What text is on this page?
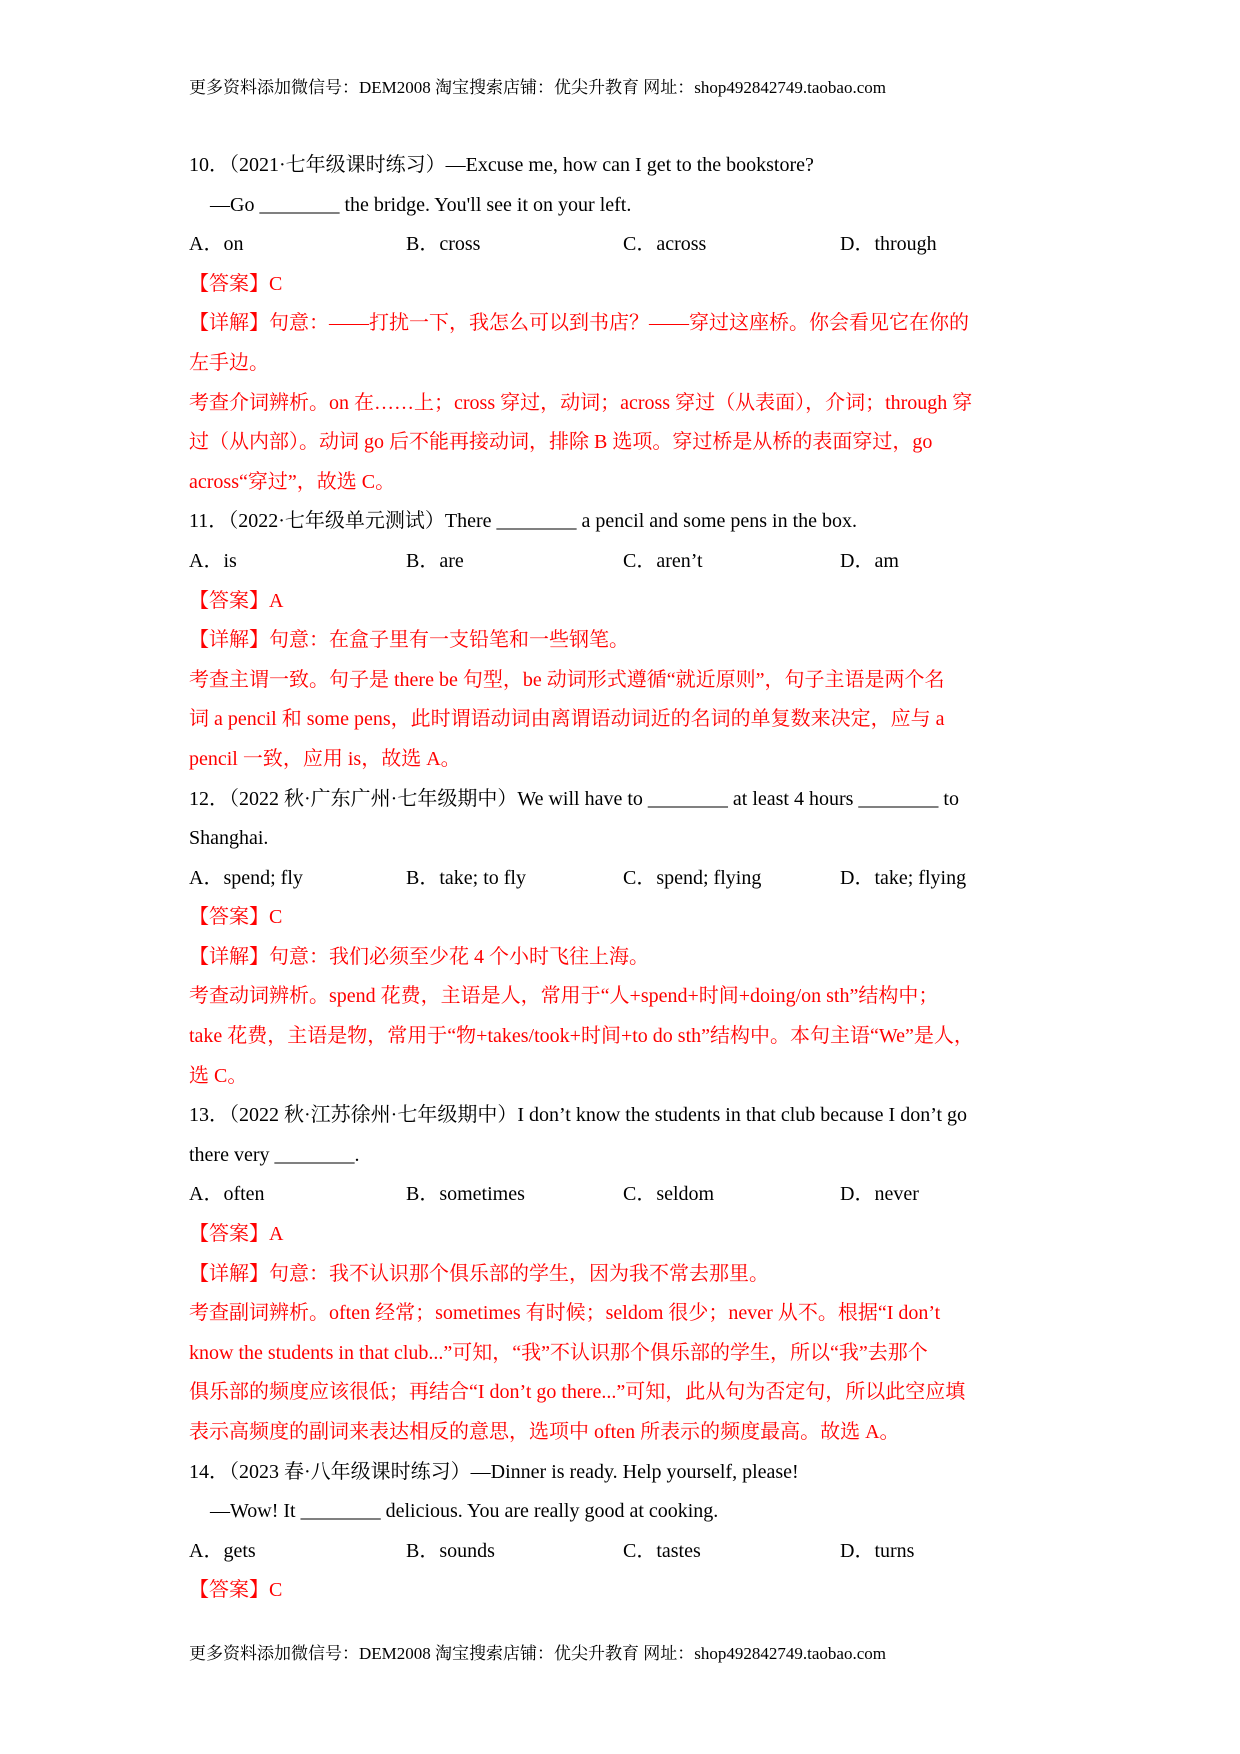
更多资料添加微信号：DEM2008 淘宝搜索店铺：优尖升教育 网址：shop492842749.taobao.com

10．（2021·七年级课时练习）—Excuse me, how can I get to the bookstore?

—Go ________ the bridge. You'll see it on your left.

A．on	B．cross	C．across	D．through

【答案】C

【详解】句意：——打扰一下，我怎么可以到书店？——穿过这座桥。你会看见它在你的

左手边。

考查介词辨析。on 在……上；cross 穿过，动词；across 穿过（从表面），介词；through 穿

过（从内部）。动词 go 后不能再接动词，排除 B 选项。穿过桥是从桥的表面穿过，go

across“穿过”，故选 C。

11．（2022·七年级单元测试）There ________ a pencil and some pens in the box.

A．is	B．are	C．aren’t	D．am

【答案】A

【详解】句意：在盒子里有一支铅笔和一些钢笔。

考查主谓一致。句子是 there be 句型，be 动词形式遵循“就近原则”，句子主语是两个名

词 a pencil 和 some pens，此时谓语动词由离谓语动词近的名词的单复数来决定，应与 a

pencil 一致，应用 is，故选 A。

12．（2022 秋·广东广州·七年级期中）We will have to ________ at least 4 hours ________ to

Shanghai.

A．spend; fly	B．take; to fly	C．spend; flying	D．take; flying

【答案】C

【详解】句意：我们必须至少花 4 个小时飞往上海。

考查动词辨析。spend 花费，主语是人，常用于“人+spend+时间+doing/on sth”结构中；

take 花费，主语是物，常用于“物+takes/took+时间+to do sth”结构中。本句主语“We”是人，

选 C。

13．（2022 秋·江苏徐州·七年级期中）I don’t know the students in that club because I don’t go

there very ________.

A．often	B．sometimes	C．seldom	D．never

【答案】A

【详解】句意：我不认识那个俱乐部的学生，因为我不常去那里。

考查副词辨析。often 经常；sometimes 有时候；seldom 很少；never 从不。根据“I don’t

know the students in that club...”可知，“我”不认识那个俱乐部的学生，所以“我”去那个

俱乐部的频度应该很低；再结合“I don’t go there...”可知，此从句为否定句，所以此空应填

表示高频度的副词来表达相反的意思，选项中 often 所表示的频度最高。故选 A。

14．（2023 春·八年级课时练习）—Dinner is ready. Help yourself, please!

—Wow! It ________ delicious. You are really good at cooking.

A．gets	B．sounds	C．tastes	D．turns

【答案】C

更多资料添加微信号：DEM2008 淘宝搜索店铺：优尖升教育 网址：shop492842749.taobao.com
